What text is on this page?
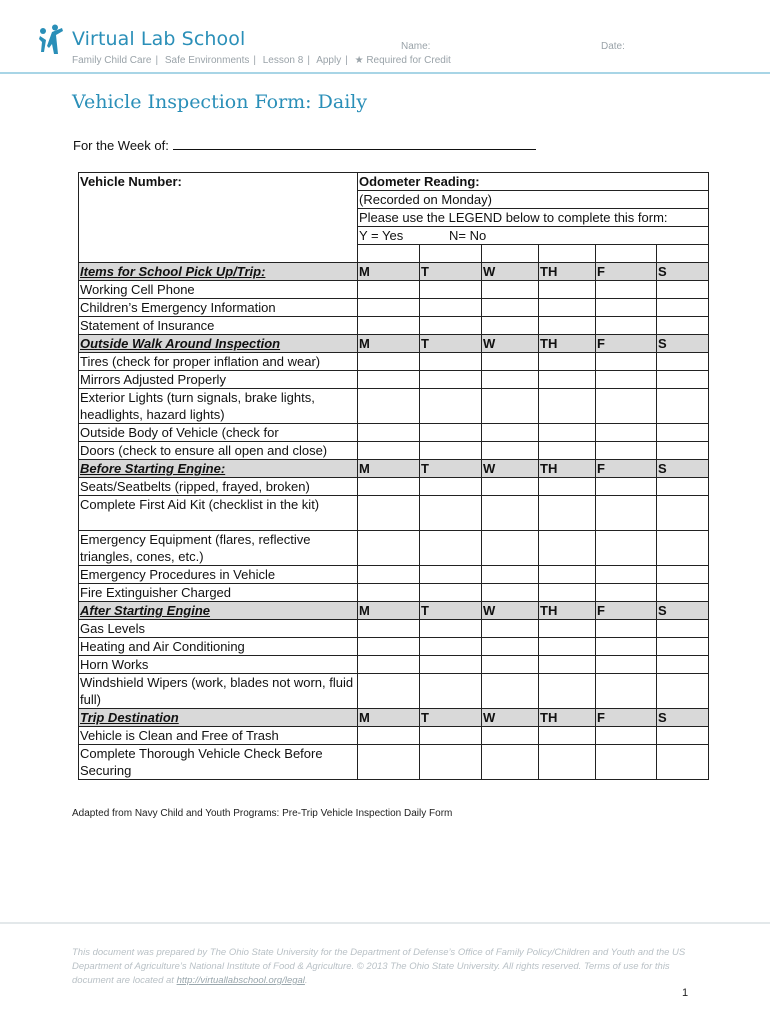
Virtual Lab School
Family Child Care | Safe Environments | Lesson 8 | Apply | ★ Required for Credit
Name:	Date:
Vehicle Inspection Form: Daily
For the Week of:
Vehicle Number:	Odometer Reading:					
	(Recorded on Monday)					
	Please use the LEGEND below to complete this form:					
	Y = Yes N= No					

Items for School Pick Up/Trip:	M	T	W	TH	F	S
Working Cell Phone						
Children’s Emergency Information						
Statement of Insurance						
Outside Walk Around Inspection	M	T	W	TH	F	S
Tires (check for proper inflation and wear)						
Mirrors Adjusted Properly						
Exterior Lights (turn signals, brake lights, headlights, hazard lights)						
Outside Body of Vehicle (check for						
Doors (check to ensure all open and close)						
Before Starting Engine:	M	T	W	TH	F	S
Seats/Seatbelts (ripped, frayed, broken)						
Complete First Aid Kit (checklist in the kit)						
Emergency Equipment (flares, reflective triangles, cones, etc.)						
Emergency Procedures in Vehicle						
Fire Extinguisher Charged						
After Starting Engine	M	T	W	TH	F	S
Gas Levels						
Heating and Air Conditioning						
Horn Works						
Windshield Wipers (work, blades not worn, fluid full)						
Trip Destination	M	T	W	TH	F	S
Vehicle is Clean and Free of Trash						
Complete Thorough Vehicle Check Before Securing						
Adapted from Navy Child and Youth Programs: Pre-Trip Vehicle Inspection Daily Form
This document was prepared by The Ohio State University for the Department of Defense’s Office of Family Policy/Children and Youth and the US Department of Agriculture’s National Institute of Food & Agriculture. © 2013 The Ohio State University. All rights reserved. Terms of use for this document are located at http://virtuallabschool.org/legal.
1
